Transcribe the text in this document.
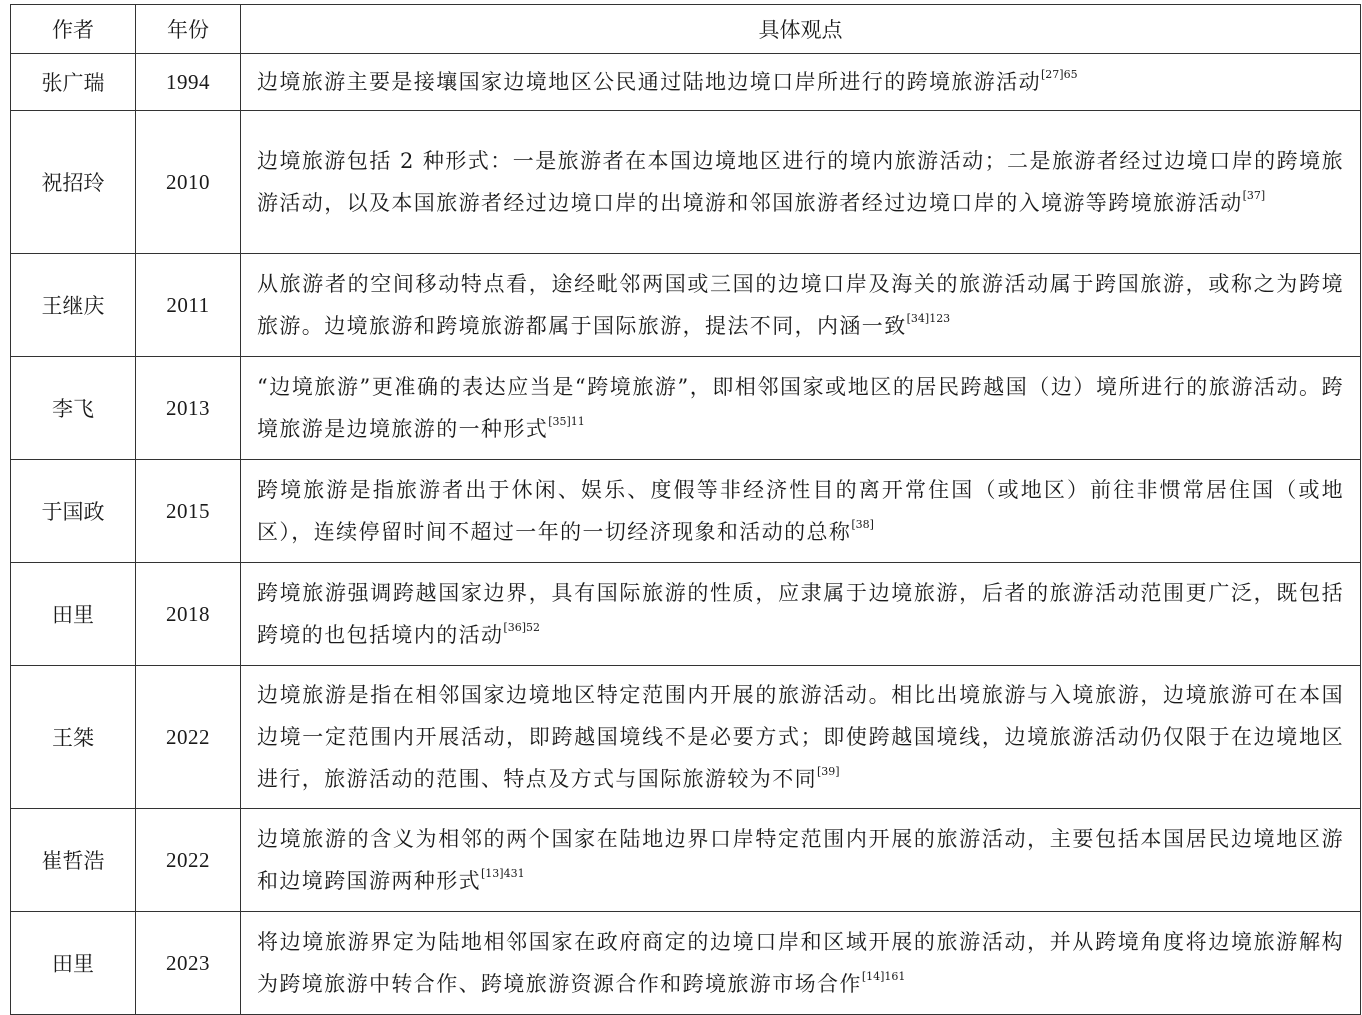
作者	年份	具体观点
张广瑞	1994	边境旅游主要是接壤国家边境地区公民通过陆地边境口岸所进行的跨境旅游活动$^{[27]65}$
祝招玲	2010	边境旅游包括 2 种形式：一是旅游者在本国边境地区进行的境内旅游活动；二是旅游者经过边境口岸的跨境旅游活动，以及本国旅游者经过边境口岸的出境游和邻国旅游者经过边境口岸的入境游等跨境旅游活动[37]
王继庆	2011	从旅游者的空间移动特点看，途经毗邻两国或三国的边境口岸及海关的旅游活动属于跨国旅游，或称之为跨境旅游。边境旅游和跨境旅游都属于国际旅游，提法不同，内涵一致$^{[34]123}$
李飞	2013	“边境旅游”更准确的表达应当是“跨境旅游”，即相邻国家或地区的居民跨越国（边）境所进行的旅游活动。跨境旅游是边境旅游的一种形式$^{[35]11}$
于国政	2015	跨境旅游是指旅游者出于休闲、娱乐、度假等非经济性目的离开常住国（或地区）前往非惯常居住国（或地区），连续停留时间不超过一年的一切经济现象和活动的总称[38]
田里	2018	跨境旅游强调跨越国家边界，具有国际旅游的性质，应隶属于边境旅游，后者的旅游活动范围更广泛，既包括跨境的也包括境内的活动$^{[36]52}$
王桀	2022	边境旅游是指在相邻国家边境地区特定范围内开展的旅游活动。相比出境旅游与入境旅游，边境旅游可在本国边境一定范围内开展活动，即跨越国境线不是必要方式；即使跨越国境线，边境旅游活动仍仅限于在边境地区进行，旅游活动的范围、特点及方式与国际旅游较为不同[39]
崔哲浩	2022	边境旅游的含义为相邻的两个国家在陆地边界口岸特定范围内开展的旅游活动，主要包括本国居民边境地区游和边境跨国游两种形式$^{[13]431}$
田里	2023	将边境旅游界定为陆地相邻国家在政府商定的边境口岸和区域开展的旅游活动，并从跨境角度将边境旅游解构为跨境旅游中转合作、跨境旅游资源合作和跨境旅游市场合作$^{[14]161}$
